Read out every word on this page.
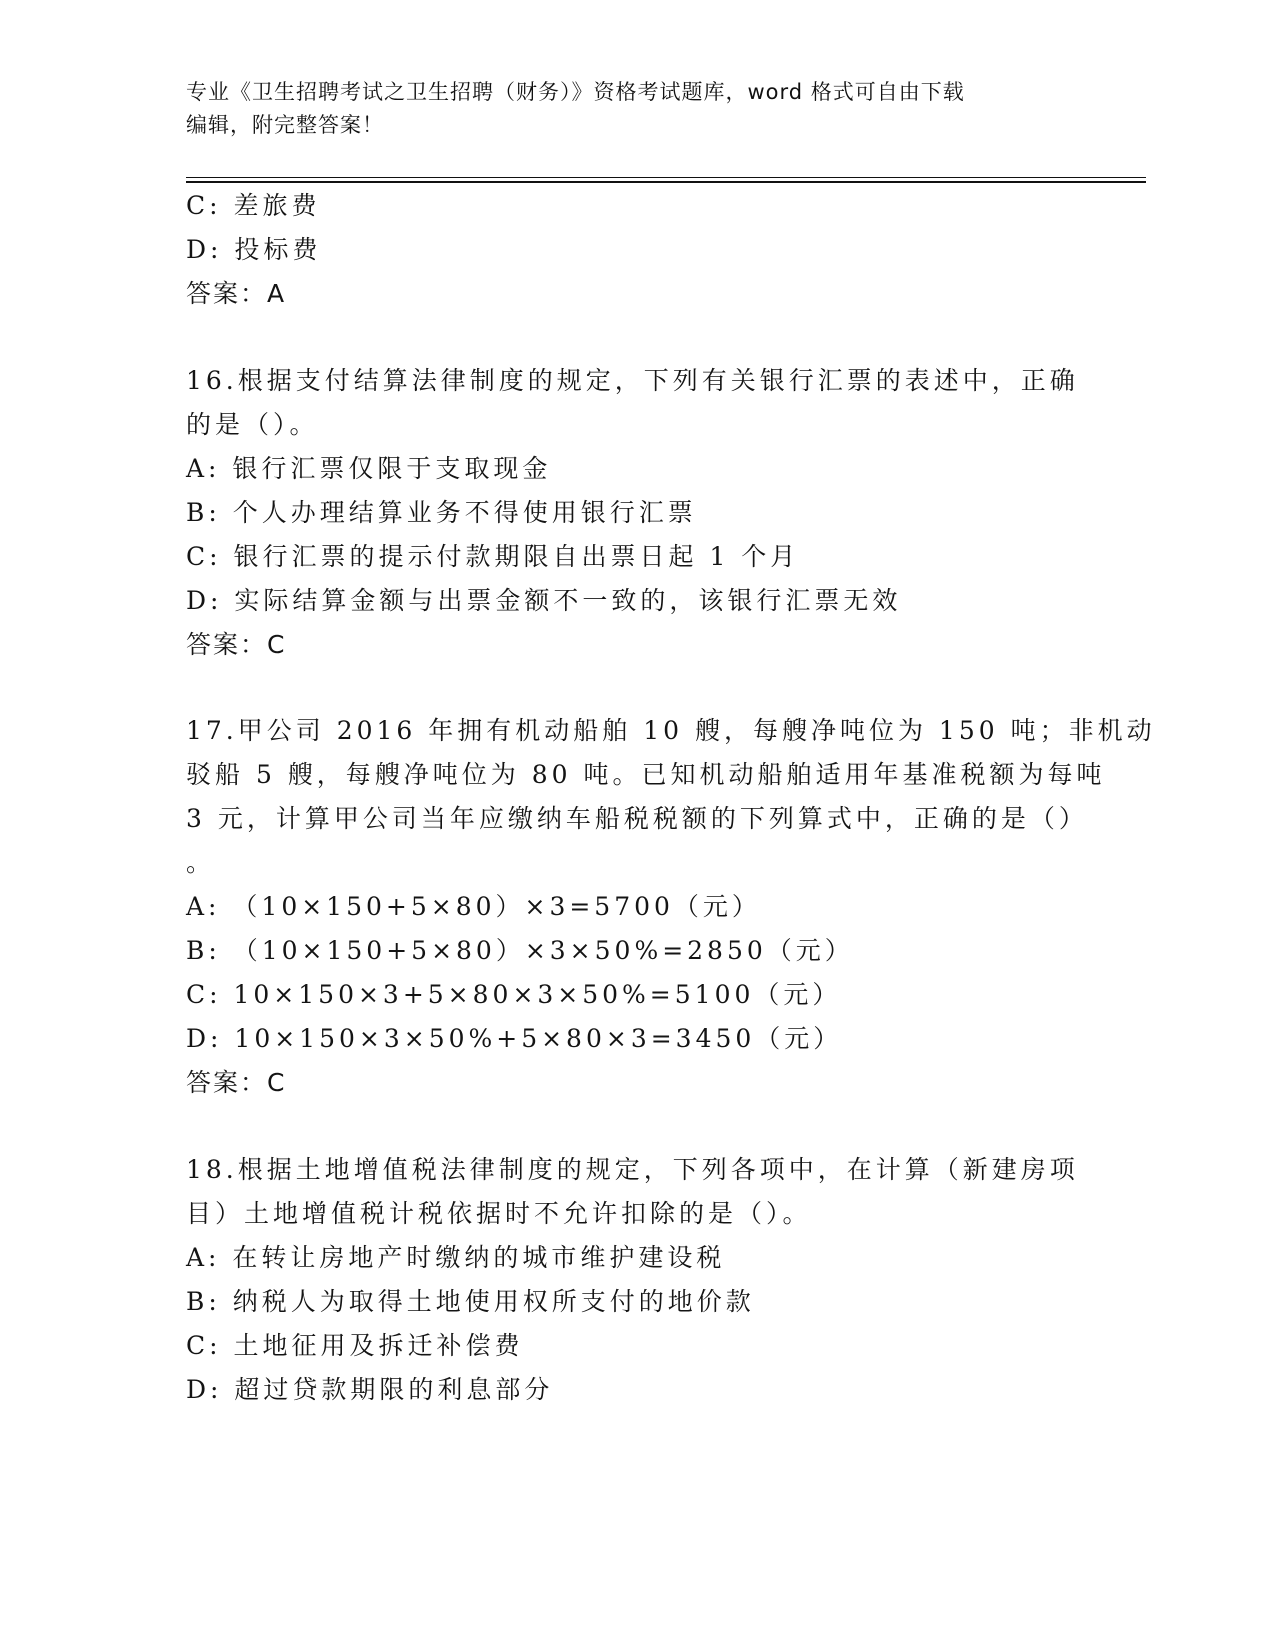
专业《卫生招聘考试之卫生招聘（财务）》资格考试题库，word 格式可自由下载
编辑，附完整答案！
C: 差旅费
D: 投标费
答案：A
16.根据支付结算法律制度的规定，下列有关银行汇票的表述中，正确
的是（）。
A: 银行汇票仅限于支取现金
B: 个人办理结算业务不得使用银行汇票
C: 银行汇票的提示付款期限自出票日起 1 个月
D: 实际结算金额与出票金额不一致的，该银行汇票无效
答案：C
17.甲公司 2016 年拥有机动船舶 10 艘，每艘净吨位为 150 吨；非机动
驳船 5 艘，每艘净吨位为 80 吨。已知机动船舶适用年基准税额为每吨
3 元，计算甲公司当年应缴纳车船税税额的下列算式中，正确的是（）
。
A: （10×150+5×80）×3=5700（元）
B: （10×150+5×80）×3×50%=2850（元）
C: 10×150×3+5×80×3×50%=5100（元）
D: 10×150×3×50%+5×80×3=3450（元）
答案：C
18.根据土地增值税法律制度的规定，下列各项中，在计算（新建房项
目）土地增值税计税依据时不允许扣除的是（）。
A: 在转让房地产时缴纳的城市维护建设税
B: 纳税人为取得土地使用权所支付的地价款
C: 土地征用及拆迁补偿费
D: 超过贷款期限的利息部分
